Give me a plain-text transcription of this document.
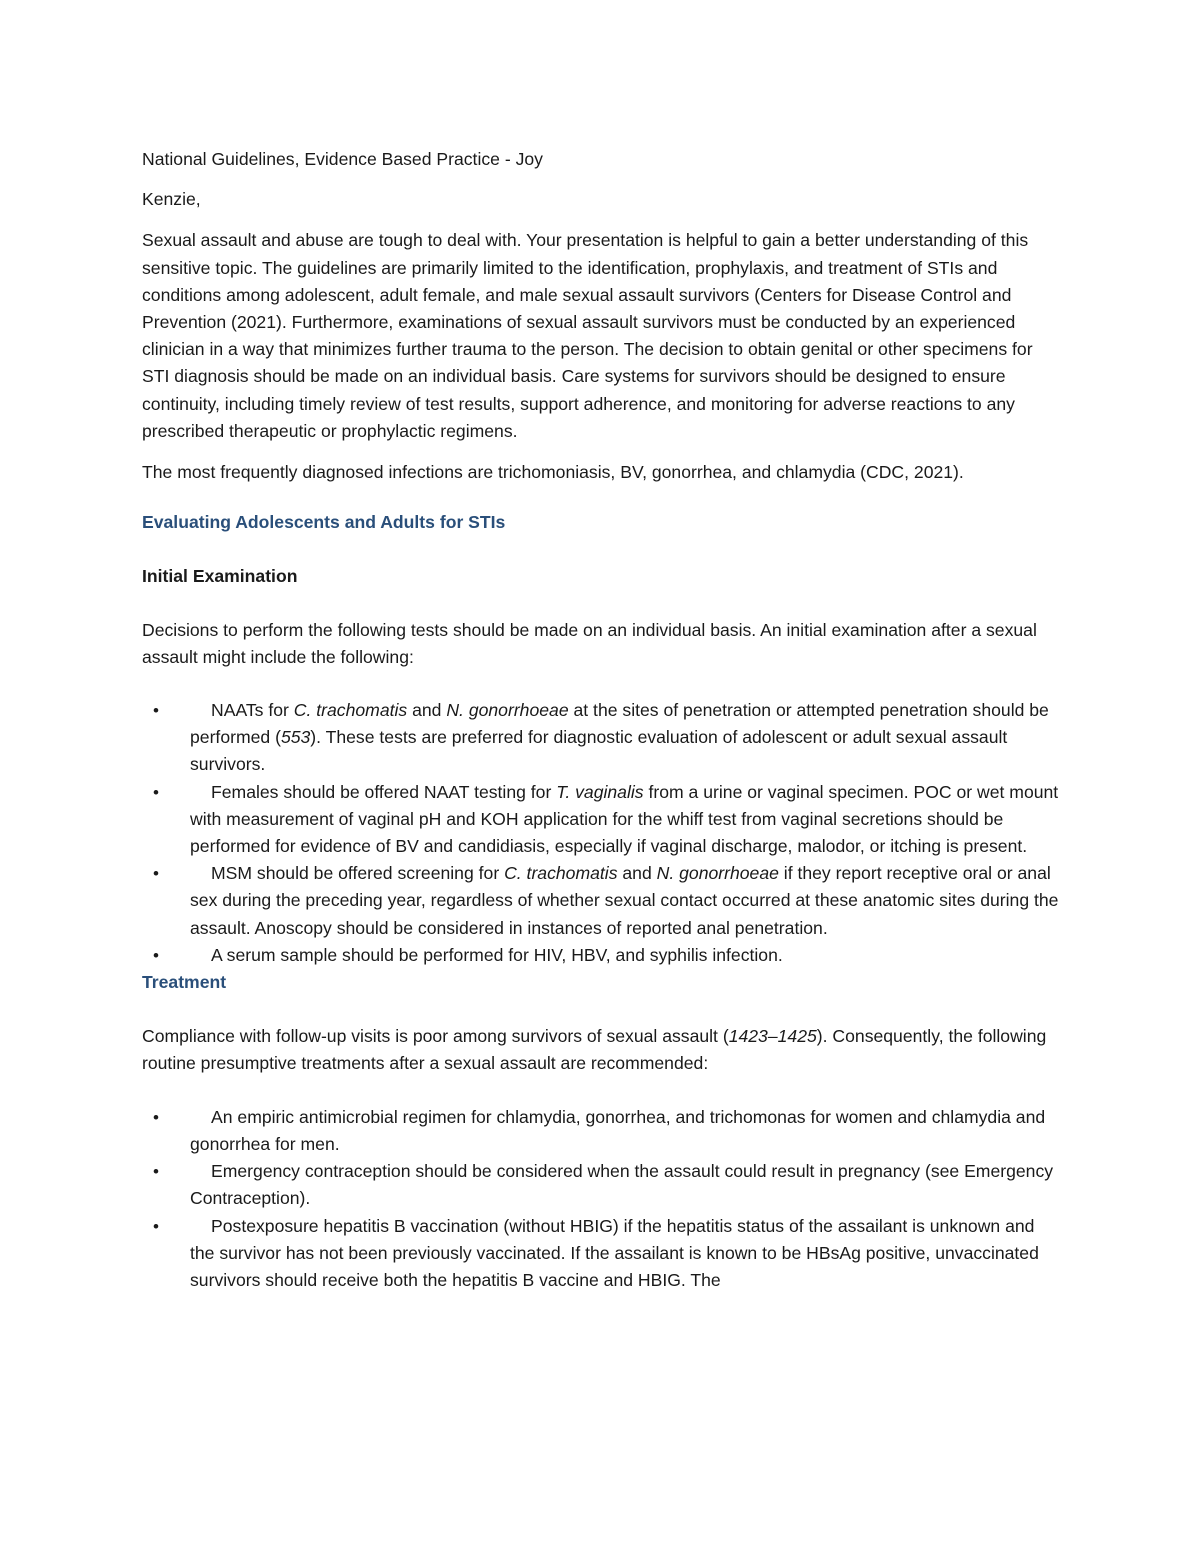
National Guidelines, Evidence Based Practice - Joy

Kenzie,

Sexual assault and abuse are tough to deal with. Your presentation is helpful to gain a better understanding of this sensitive topic. The guidelines are primarily limited to the identification, prophylaxis, and treatment of STIs and conditions among adolescent, adult female, and male sexual assault survivors (Centers for Disease Control and Prevention (2021). Furthermore, examinations of sexual assault survivors must be conducted by an experienced clinician in a way that minimizes further trauma to the person. The decision to obtain genital or other specimens for STI diagnosis should be made on an individual basis. Care systems for survivors should be designed to ensure continuity, including timely review of test results, support adherence, and monitoring for adverse reactions to any prescribed therapeutic or prophylactic regimens.

The most frequently diagnosed infections are trichomoniasis, BV, gonorrhea, and chlamydia (CDC, 2021).

Evaluating Adolescents and Adults for STIs

Initial Examination

Decisions to perform the following tests should be made on an individual basis. An initial examination after a sexual assault might include the following:

•	NAATs for C. trachomatis and N. gonorrhoeae at the sites of penetration or attempted penetration should be performed (553). These tests are preferred for diagnostic evaluation of adolescent or adult sexual assault survivors.
•	Females should be offered NAAT testing for T. vaginalis from a urine or vaginal specimen. POC or wet mount with measurement of vaginal pH and KOH application for the whiff test from vaginal secretions should be performed for evidence of BV and candidiasis, especially if vaginal discharge, malodor, or itching is present.
•	MSM should be offered screening for C. trachomatis and N. gonorrhoeae if they report receptive oral or anal sex during the preceding year, regardless of whether sexual contact occurred at these anatomic sites during the assault. Anoscopy should be considered in instances of reported anal penetration.
•	A serum sample should be performed for HIV, HBV, and syphilis infection.

Treatment

Compliance with follow-up visits is poor among survivors of sexual assault (1423–1425). Consequently, the following routine presumptive treatments after a sexual assault are recommended:

•	An empiric antimicrobial regimen for chlamydia, gonorrhea, and trichomonas for women and chlamydia and gonorrhea for men.
•	Emergency contraception should be considered when the assault could result in pregnancy (see Emergency Contraception).
•	Postexposure hepatitis B vaccination (without HBIG) if the hepatitis status of the assailant is unknown and the survivor has not been previously vaccinated. If the assailant is known to be HBsAg positive, unvaccinated survivors should receive both the hepatitis B vaccine and HBIG. The
